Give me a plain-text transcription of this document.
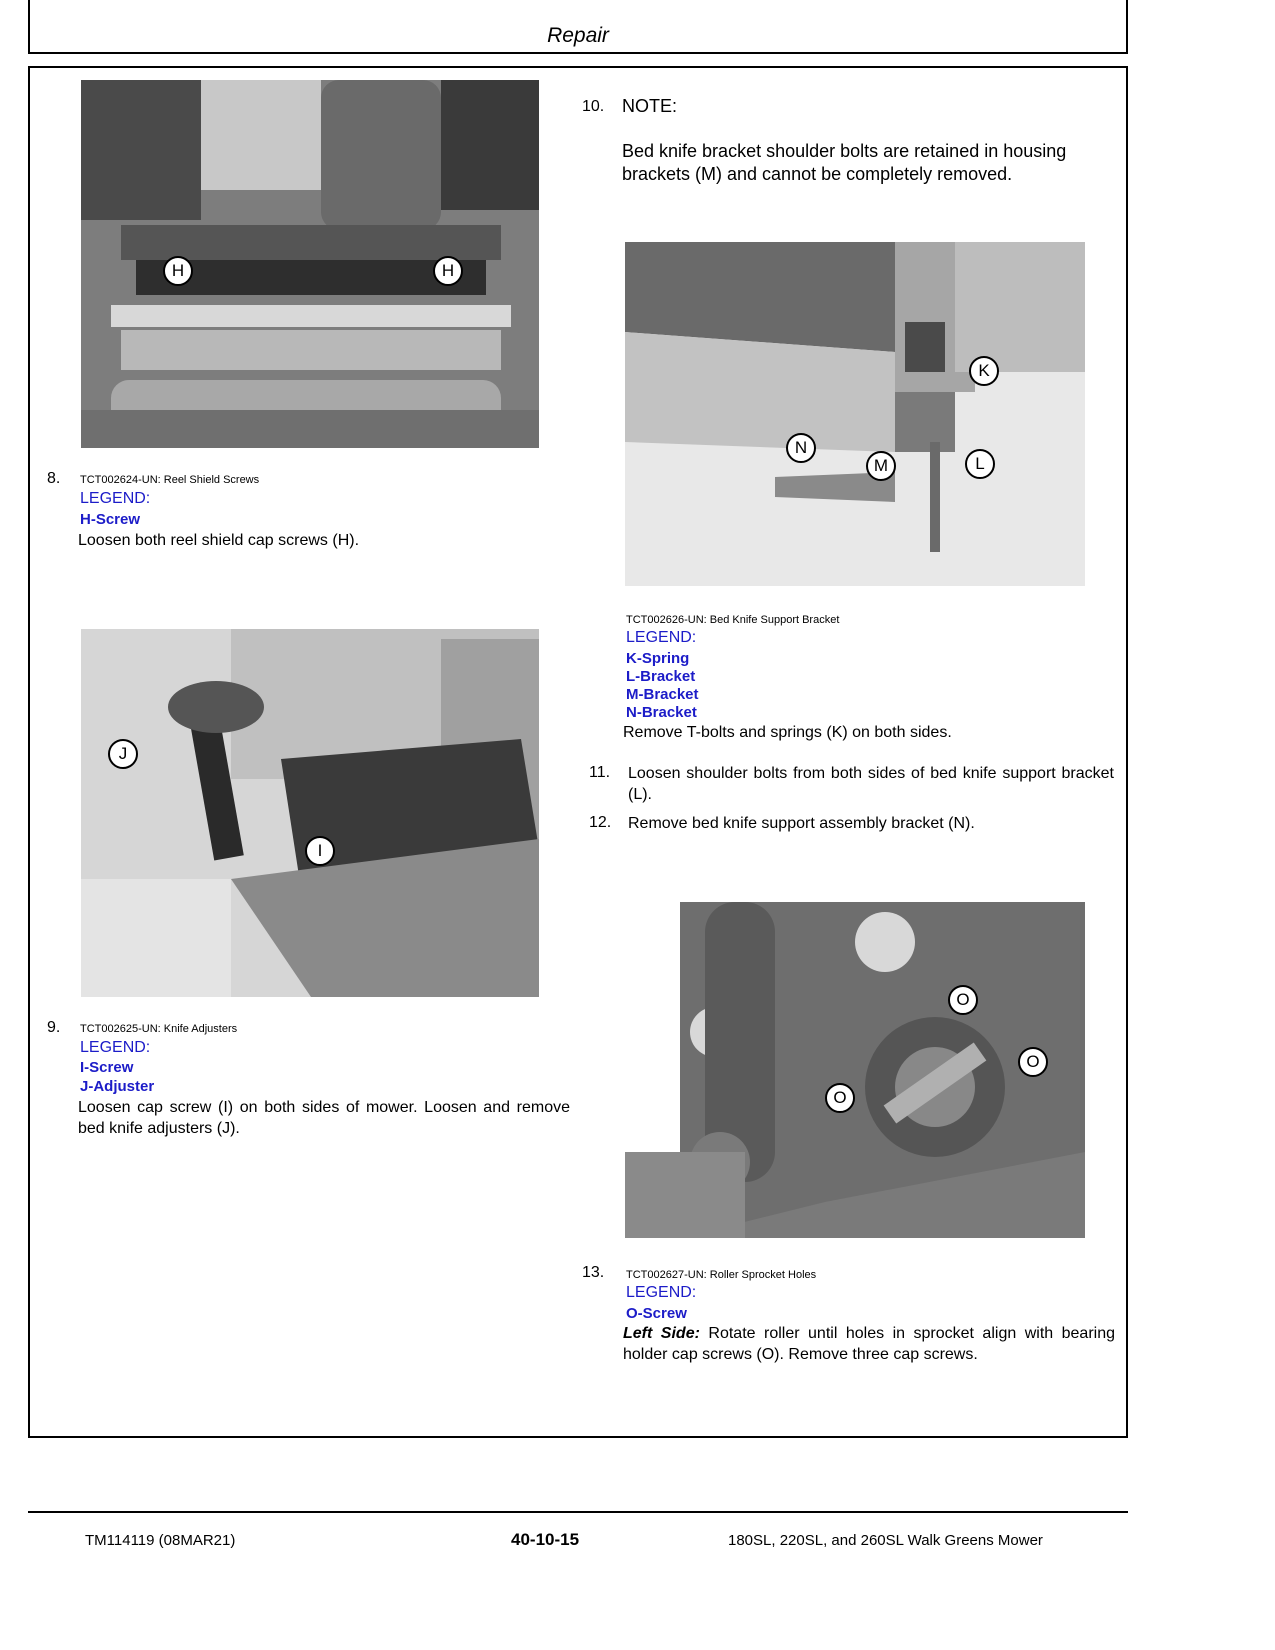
Repair
H	H
8. TCT002624-UN: Reel Shield Screws
LEGEND:
H-Screw
Loosen both reel shield cap screws (H).
J
I
9. TCT002625-UN: Knife Adjusters
LEGEND:
I-Screw
J-Adjuster
Loosen cap screw (I) on both sides of mower. Loosen and remove bed knife adjusters (J).
10. NOTE:
Bed knife bracket shoulder bolts are retained in housing brackets (M) and cannot be completely removed.
K
N
M	L
TCT002626-UN: Bed Knife Support Bracket
LEGEND:
K-Spring
L-Bracket
M-Bracket
N-Bracket
Remove T-bolts and springs (K) on both sides.
11. Loosen shoulder bolts from both sides of bed knife support bracket (L).
12. Remove bed knife support assembly bracket (N).
O
O
O
13. TCT002627-UN: Roller Sprocket Holes
LEGEND:
O-Screw
Left Side: Rotate roller until holes in sprocket align with bearing holder cap screws (O). Remove three cap screws.
TM114119 (08MAR21)	40-10-15	180SL, 220SL, and 260SL Walk Greens Mower
